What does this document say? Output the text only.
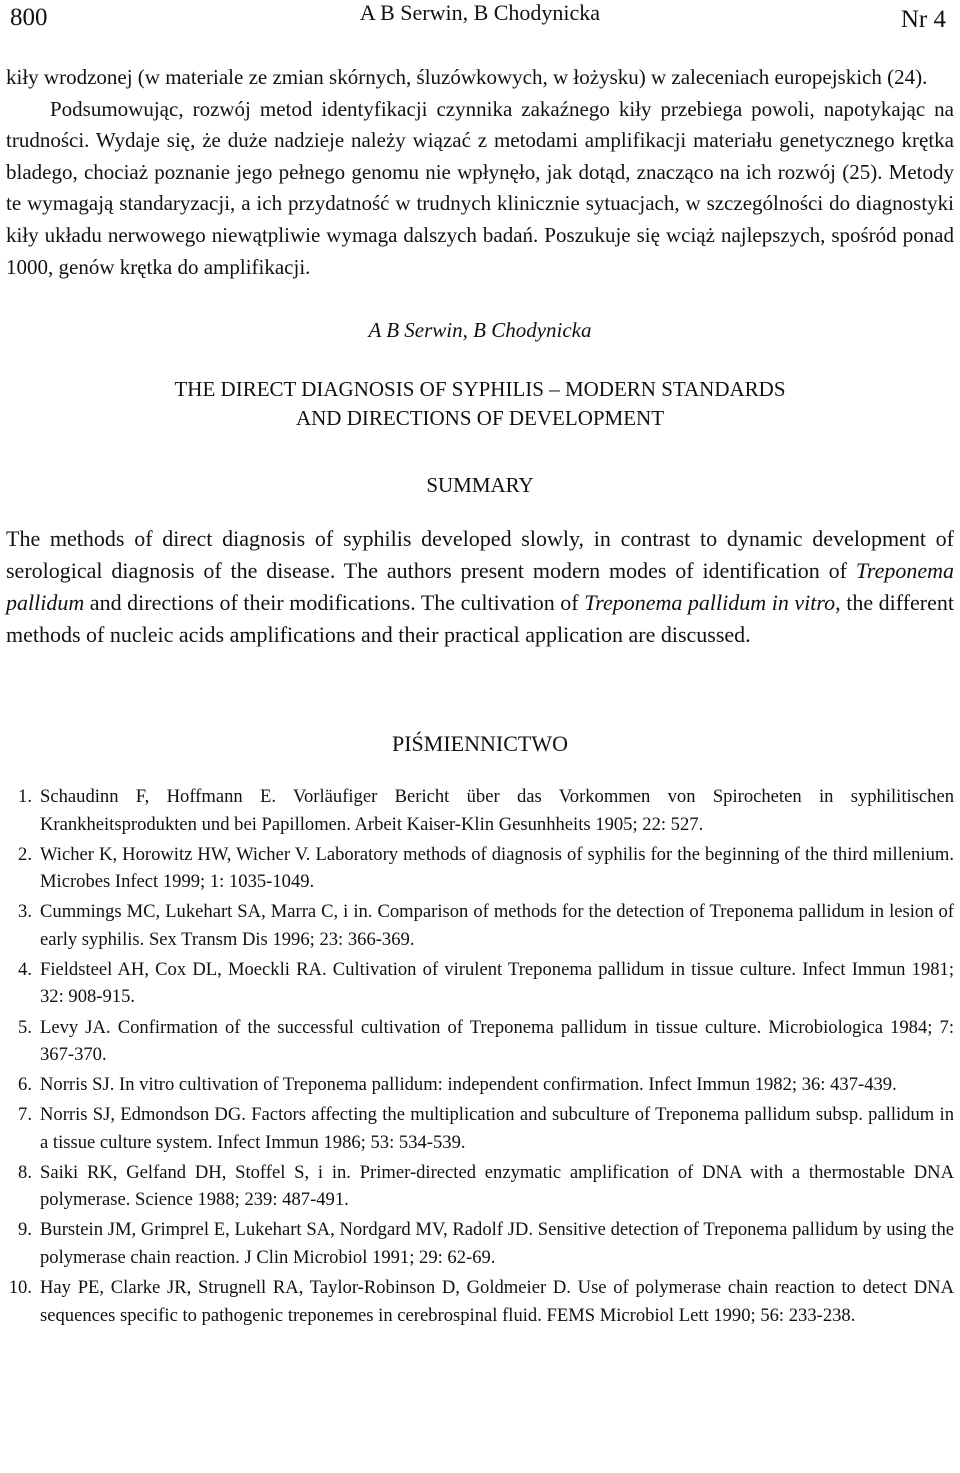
800	A B Serwin, B Chodynicka	Nr 4

kiły wrodzonej (w materiale ze zmian skórnych, śluzówkowych, w łożysku) w zaleceniach europejskich (24).

Podsumowując, rozwój metod identyfikacji czynnika zakaźnego kiły przebiega powoli, napotykając na trudności. Wydaje się, że duże nadzieje należy wiązać z metodami amplifikacji materiału genetycznego krętka bladego, chociaż poznanie jego pełnego genomu nie wpłynęło, jak dotąd, znacząco na ich rozwój (25). Metody te wymagają standaryzacji, a ich przydatność w trudnych klinicznie sytuacjach, w szczególności do diagnostyki kiły układu nerwowego niewątpliwie wymaga dalszych badań. Poszukuje się wciąż najlepszych, spośród ponad 1000, genów krętka do amplifikacji.

A B Serwin, B Chodynicka
THE DIRECT DIAGNOSIS OF SYPHILIS – MODERN STANDARDS
AND DIRECTIONS OF DEVELOPMENT
SUMMARY
The methods of direct diagnosis of syphilis developed slowly, in contrast to dynamic development of serological diagnosis of the disease. The authors present modern modes of identification of Treponema pallidum and directions of their modifications. The cultivation of Treponema pallidum in vitro, the different methods of nucleic acids amplifications and their practical application are discussed.
PIŚMIENNICTWO
1. Schaudinn F, Hoffmann E. Vorläufiger Bericht über das Vorkommen von Spirocheten in syphilitischen Krankheitsprodukten und bei Papillomen. Arbeit Kaiser-Klin Gesunhheits 1905; 22: 527.
2. Wicher K, Horowitz HW, Wicher V. Laboratory methods of diagnosis of syphilis for the beginning of the third millenium. Microbes Infect 1999; 1: 1035-1049.
3. Cummings MC, Lukehart SA, Marra C, i in. Comparison of methods for the detection of Treponema pallidum in lesion of early syphilis. Sex Transm Dis 1996; 23: 366-369.
4. Fieldsteel AH, Cox DL, Moeckli RA. Cultivation of virulent Treponema pallidum in tissue culture. Infect Immun 1981; 32: 908-915.
5. Levy JA. Confirmation of the successful cultivation of Treponema pallidum in tissue culture. Microbiologica 1984; 7: 367-370.
6. Norris SJ. In vitro cultivation of Treponema pallidum: independent confirmation. Infect Immun 1982; 36: 437-439.
7. Norris SJ, Edmondson DG. Factors affecting the multiplication and subculture of Treponema pallidum subsp. pallidum in a tissue culture system. Infect Immun 1986; 53: 534-539.
8. Saiki RK, Gelfand DH, Stoffel S, i in. Primer-directed enzymatic amplification of DNA with a thermostable DNA polymerase. Science 1988; 239: 487-491.
9. Burstein JM, Grimprel E, Lukehart SA, Nordgard MV, Radolf JD. Sensitive detection of Treponema pallidum by using the polymerase chain reaction. J Clin Microbiol 1991; 29: 62-69.
10. Hay PE, Clarke JR, Strugnell RA, Taylor-Robinson D, Goldmeier D. Use of polymerase chain reaction to detect DNA sequences specific to pathogenic treponemes in cerebrospinal fluid. FEMS Microbiol Lett 1990; 56: 233-238.
